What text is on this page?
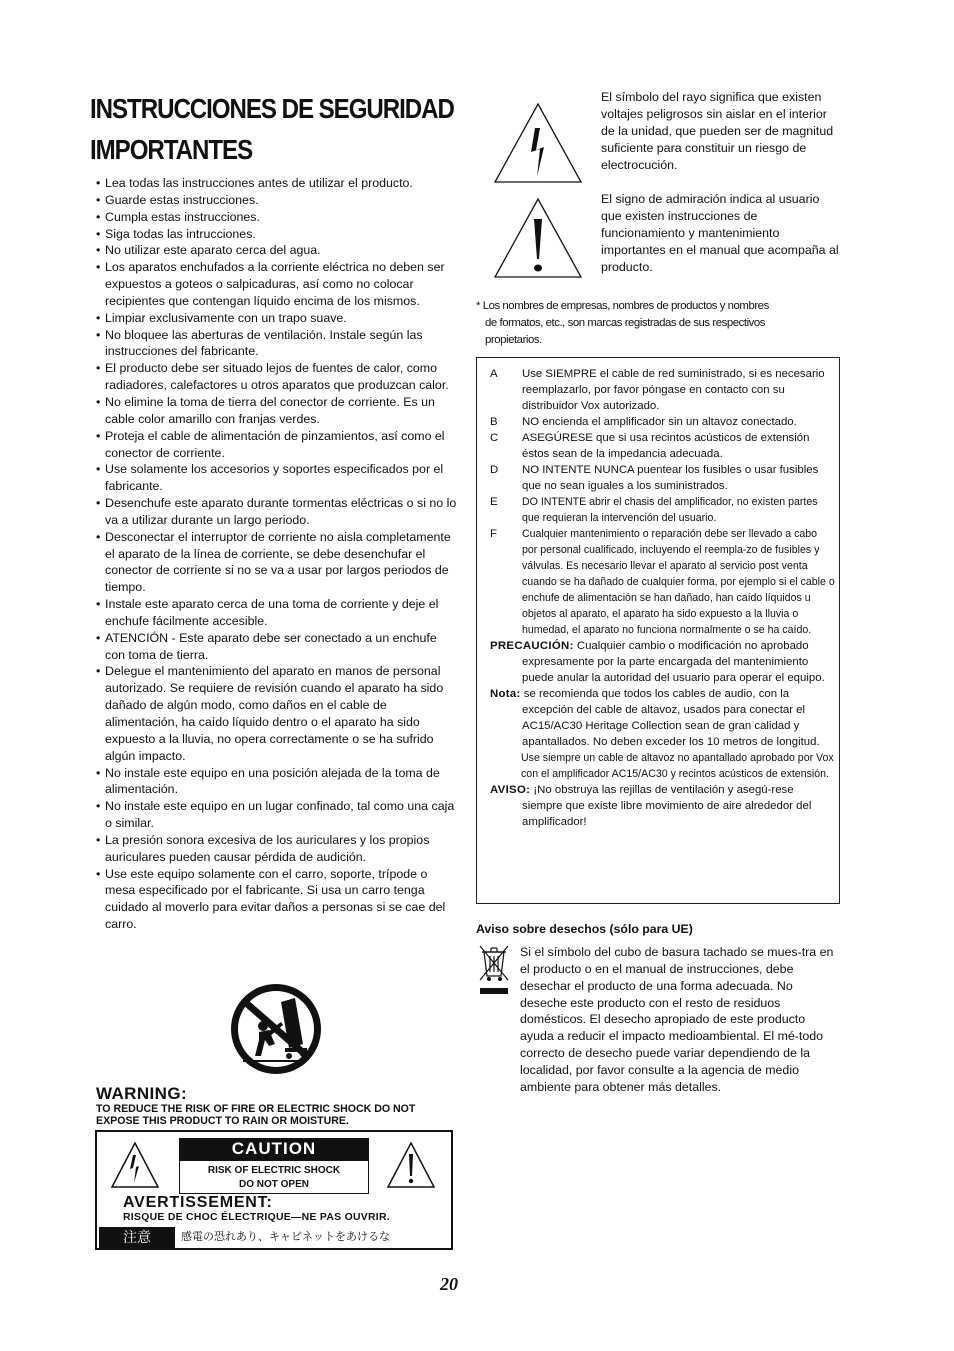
INSTRUCCIONES DE SEGURIDAD
IMPORTANTES
• Lea todas las instrucciones antes de utilizar el producto.
• Guarde estas instrucciones.
• Cumpla estas instrucciones.
• Siga todas las intrucciones.
• No utilizar este aparato cerca del agua.
• Los aparatos enchufados a la corriente eléctrica no deben ser expuestos a goteos o salpicaduras, así como no colocar recipientes que contengan líquido encima de los mismos.
• Limpiar exclusivamente con un trapo suave.
• No bloquee las aberturas de ventilación. Instale según las instrucciones del fabricante.
• El producto debe ser situado lejos de fuentes de calor, como radiadores, calefactores u otros aparatos que produzcan calor.
• No elimine la toma de tierra del conector de corriente. Es un cable color amarillo con franjas verdes.
• Proteja el cable de alimentación de pinzamientos, así como el conector de corriente.
• Use solamente los accesorios y soportes especificados por el fabricante.
• Desenchufe este aparato durante tormentas eléctricas o si no lo va a utilizar durante un largo periodo.
• Desconectar el interruptor de corriente no aisla completamente el aparato de la línea de corriente, se debe desenchufar el conector de corriente si no se va a usar por largos periodos de tiempo.
• Instale este aparato cerca de una toma de corriente y deje el enchufe fácilmente accesible.
• ATENCIÓN - Este aparato debe ser conectado a un enchufe con toma de tierra.
• Delegue el mantenimiento del aparato en manos de personal autorizado. Se requiere de revisión cuando el aparato ha sido dañado de algún modo, como daños en el cable de alimentación, ha caído líquido dentro o el aparato ha sido expuesto a la lluvia, no opera correctamente o se ha sufrido algún impacto.
• No instale este equipo en una posición alejada de la toma de alimentación.
• No instale este equipo en un lugar confinado, tal como una caja o similar.
• La presión sonora excesiva de los auriculares y los propios auriculares pueden causar pérdida de audición.
• Use este equipo solamente con el carro, soporte, trípode o mesa especificado por el fabricante. Si usa un carro tenga cuidado al moverlo para evitar daños a personas si se cae del carro.
El símbolo del rayo significa que existen voltajes peligrosos sin aislar en el interior de la unidad, que pueden ser de magnitud suficiente para constituir un riesgo de electrocución.
El signo de admiración indica al usuario que existen instrucciones de funcionamiento y mantenimiento importantes en el manual que acompaña al producto.
* Los nombres de empresas, nombres de productos y nombres
de formatos, etc., son marcas registradas de sus respectivos
propietarios.
A	Use SIEMPRE el cable de red suministrado, si es necesario reemplazarlo, por favor póngase en contacto con su distribuidor Vox autorizado.
B	NO encienda el amplificador sin un altavoz conectado.
C	ASEGÚRESE que si usa recintos acústicos de extensión éstos sean de la impedancia adecuada.
D	NO INTENTE NUNCA puentear los fusibles o usar fusibles que no sean iguales a los suministrados.
E	DO INTENTE abrir el chasis del amplificador, no existen partes que requieran la intervención del usuario.
F	Cualquier mantenimiento o reparación debe ser llevado a cabo por personal cualificado, incluyendo el reempla-zo de fusibles y válvulas. Es necesario llevar el aparato al servicio post venta cuando se ha dañado de cualquier forma, por ejemplo si el cable o enchufe de alimentación se han dañado, han caído líquidos u objetos al aparato, el aparato ha sido expuesto a la lluvia o humedad, el aparato no funciona normalmente o se ha caído.
PRECAUCIÓN: Cualquier cambio o modificación no aprobado expresamente por la parte encargada del mantenimiento puede anular la autoridad del usuario para operar el equipo.
Nota: se recomienda que todos los cables de audio, con la excepción del cable de altavoz, usados para conectar el AC15/AC30 Heritage Collection sean de gran calidad y apantallados. No deben exceder los 10 metros de longitud.
Use siempre un cable de altavoz no apantallado aprobado por Vox con el amplificador AC15/AC30 y recintos acústicos de extensión.
AVISO: ¡No obstruya las rejillas de ventilación y asegú-rese siempre que existe libre movimiento de aire alrededor del amplificador!
Aviso sobre desechos (sólo para UE)
Si el símbolo del cubo de basura tachado se mues-tra en el producto o en el manual de instrucciones, debe desechar el producto de una forma adecuada. No deseche este producto con el resto de residuos domésticos. El desecho apropiado de este producto ayuda a reducir el impacto medioambiental. El mé-todo correcto de desecho puede variar dependiendo de la localidad, por favor consulte a la agencia de medio ambiente para obtener más detalles.
WARNING:
TO REDUCE THE RISK OF FIRE OR ELECTRIC SHOCK DO NOT
EXPOSE THIS PRODUCT TO RAIN OR MOISTURE.
CAUTION
RISK OF ELECTRIC SHOCK
DO NOT OPEN
AVERTISSEMENT:
RISQUE DE CHOC ÉLECTRIQUE—NE PAS OUVRIR.
注意	感電の恐れあり、キャビネットをあけるな
20
